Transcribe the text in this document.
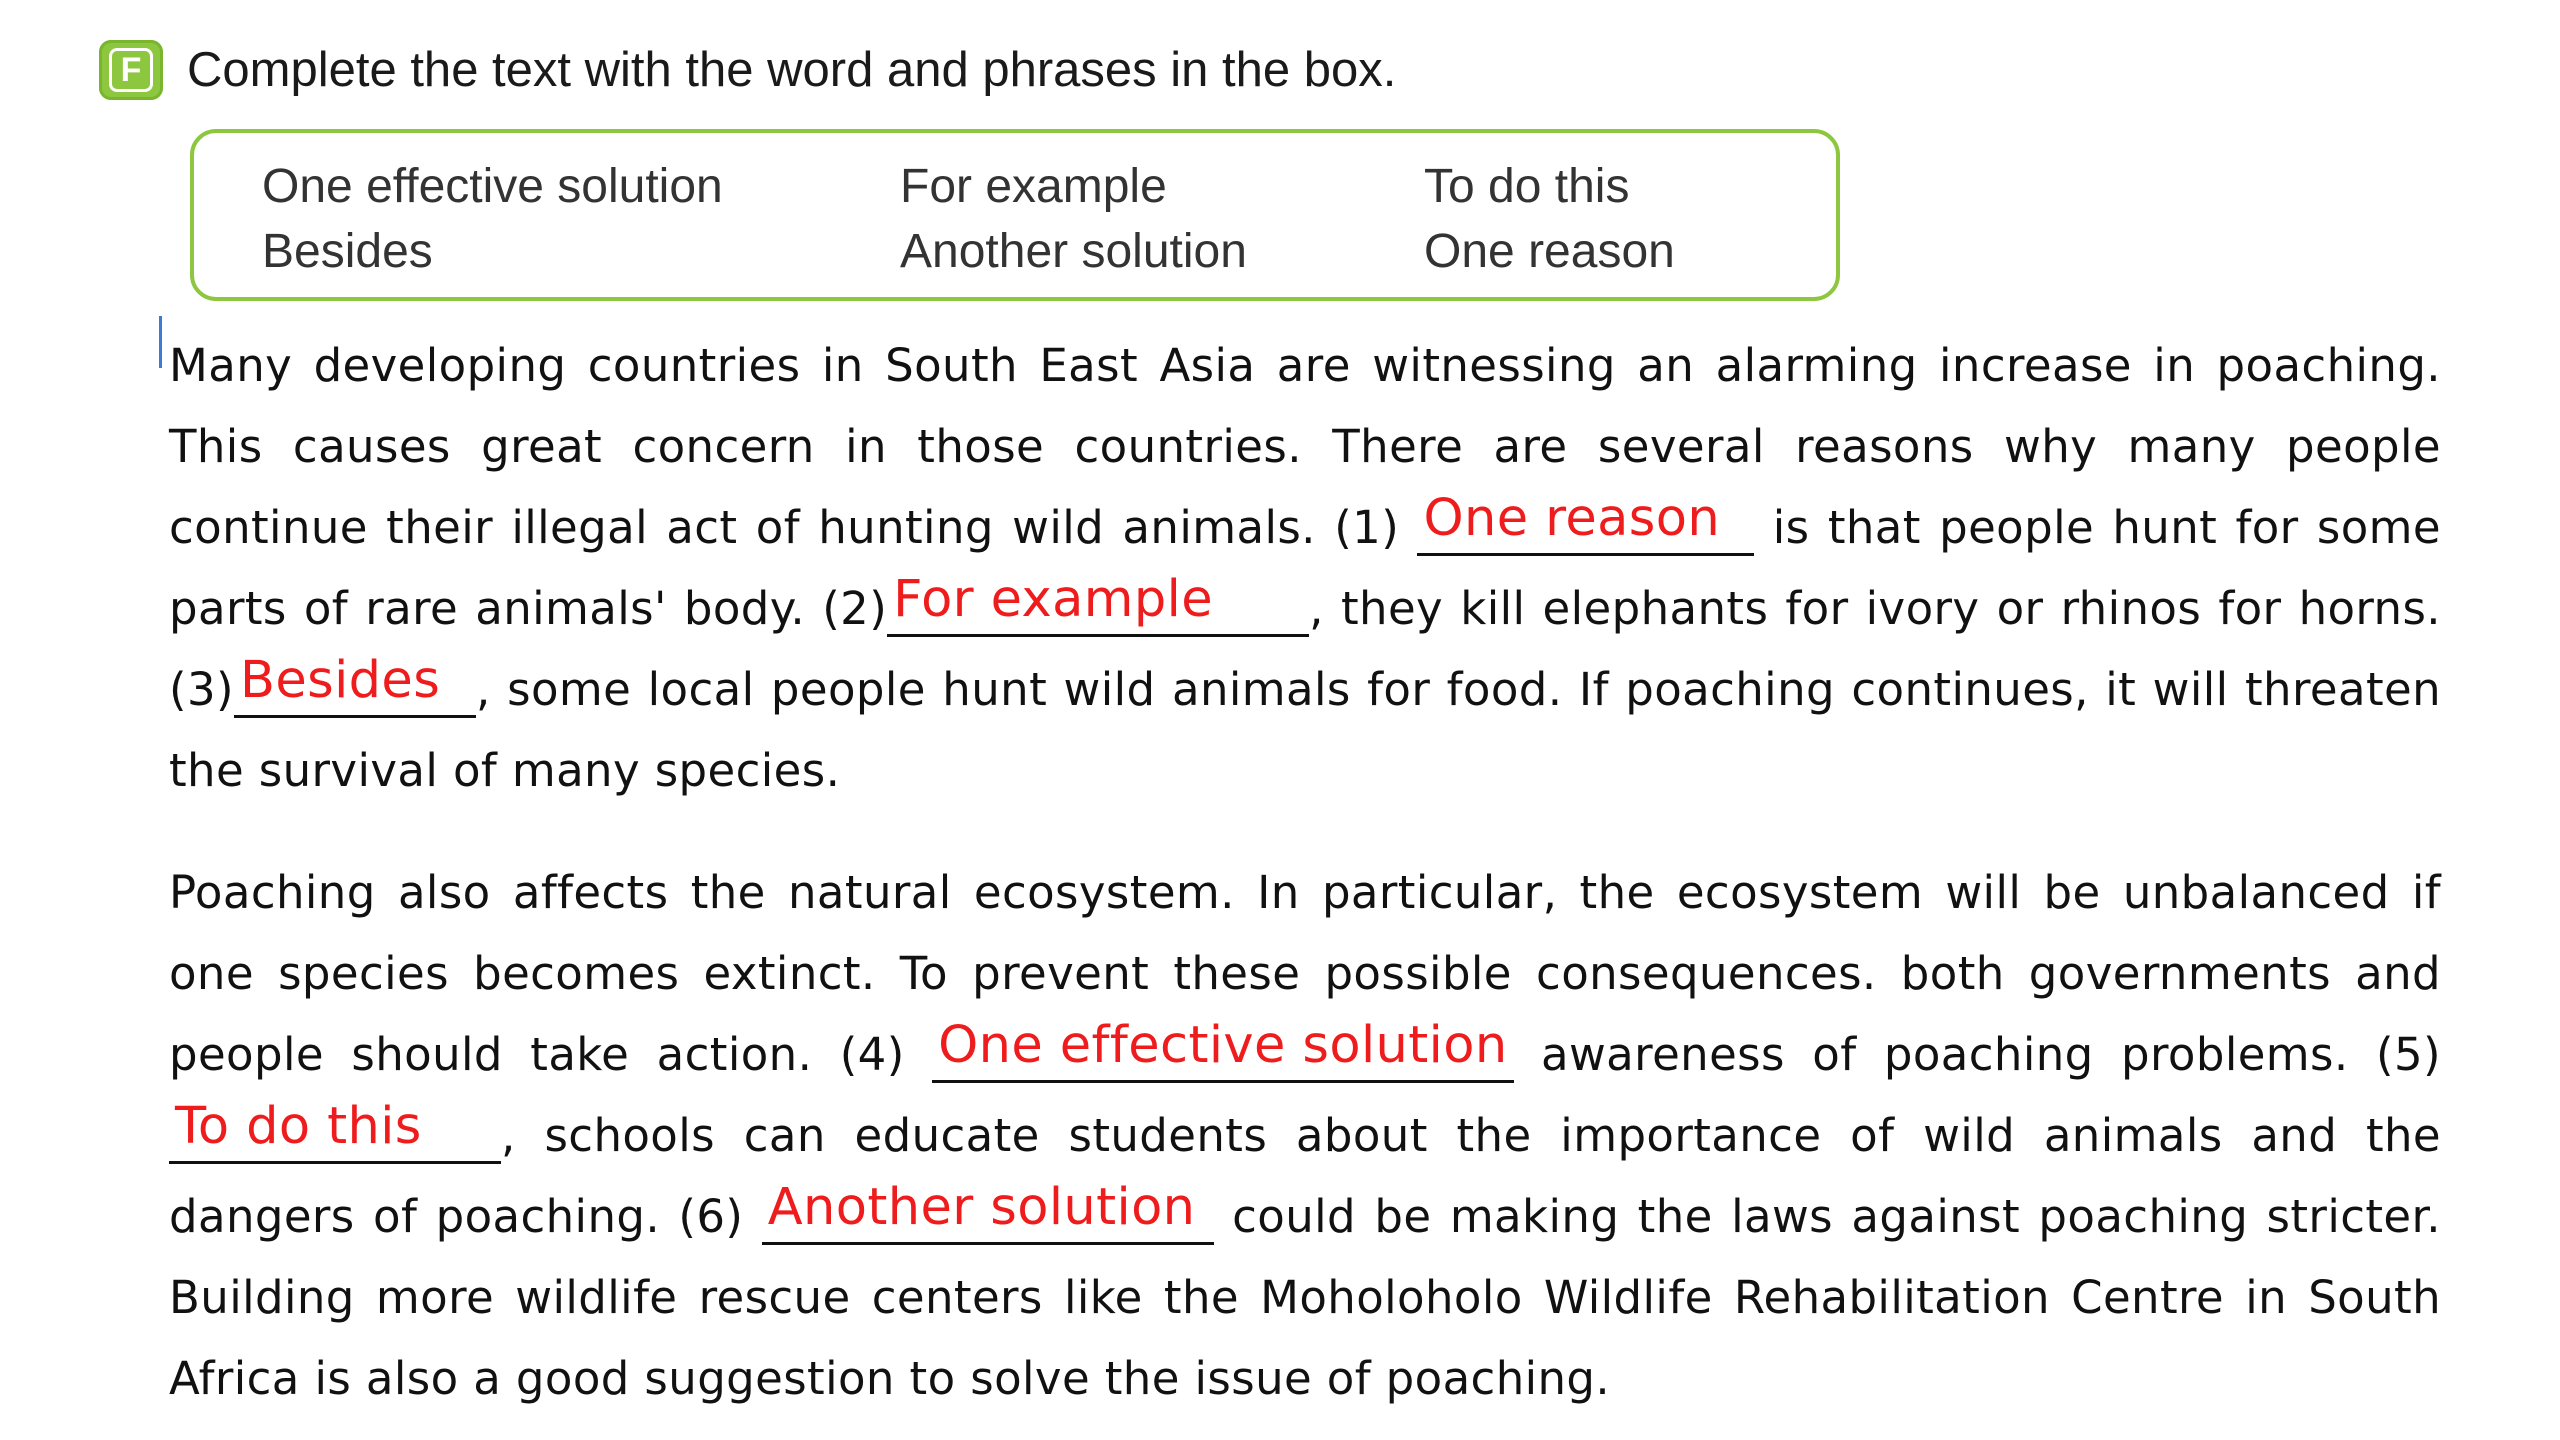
F Complete the text with the word and phrases in the box.
One effective solution	For example	To do this
Besides	Another solution	One reason
Many developing countries in South East Asia are witnessing an alarming increase in poaching. This causes great concern in those countries. There are several reasons why many people continue their illegal act of hunting wild animals. (1) One reason is that people hunt for some parts of rare animals' body. (2) For example , they kill elephants for ivory or rhinos for horns. (3) Besides , some local people hunt wild animals for food. If poaching continues, it will threaten the survival of many species.
Poaching also affects the natural ecosystem. In particular, the ecosystem will be unbalanced if one species becomes extinct. To prevent these possible consequences. both governments and people should take action. (4) One effective solution awareness of poaching problems. (5)To do this , schools can educate students about the importance of wild animals and the dangers of poaching. (6) Another solution could be making the laws against poaching stricter. Building more wildlife rescue centers like the Moholoholo Wildlife Rehabilitation Centre in South Africa is also a good suggestion to solve the issue of poaching.
